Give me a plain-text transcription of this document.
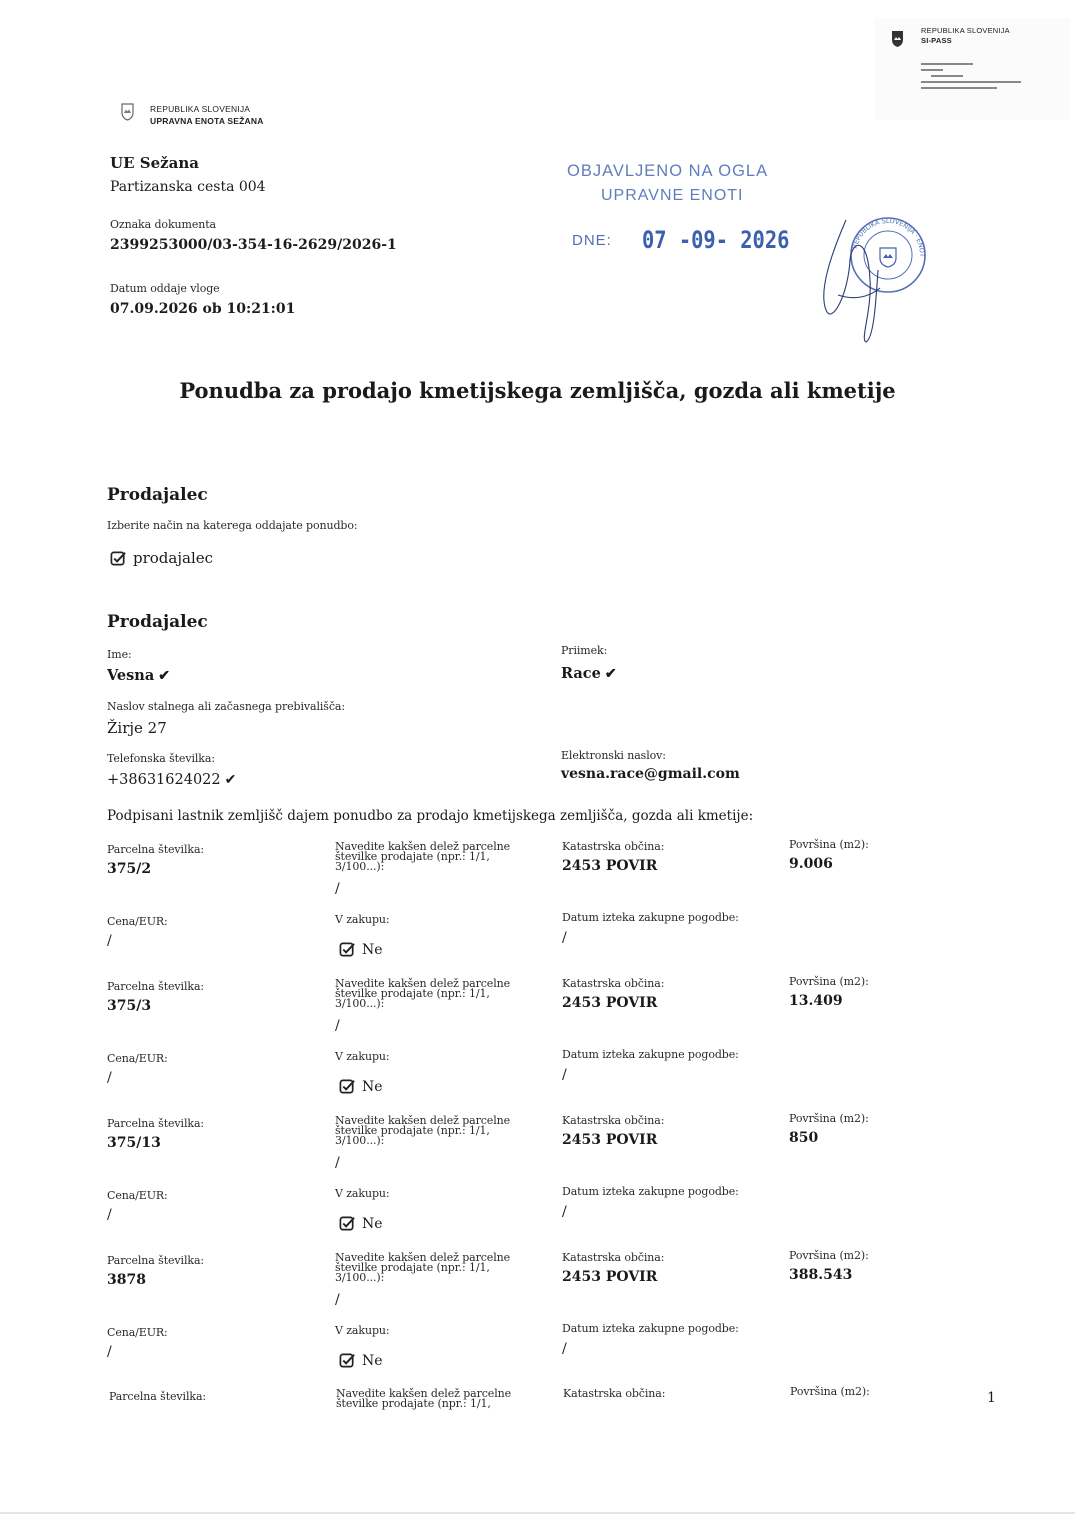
REPUBLIKA SLOVENIJA
SI-PASS
REPUBLIKA SLOVENIJA
UPRAVNA ENOTA SEŽANA
UE Sežana
Partizanska cesta 004
Oznaka dokumenta
2399253000/03-354-16-2629/2026-1
Datum oddaje vloge
07.09.2026 ob 10:21:01
OBJAVLJENO NA OGLA
UPRAVNE ENOTI
DNE: 07 -09- 2026	REPUBLIKA SLOVENIJA · ENOT
Ponudba za prodajo kmetijskega zemljišča, gozda ali kmetije
Prodajalec
Izberite način na katerega oddajate ponudbo:
prodajalec
Prodajalec
Ime:
Vesna ✔
Priimek:
Race ✔
Naslov stalnega ali začasnega prebivališča:
Žirje 27
Telefonska številka:
+38631624022 ✔
Elektronski naslov:
vesna.race@gmail.com
Podpisani lastnik zemljišč dajem ponudbo za prodajo kmetijskega zemljišča, gozda ali kmetije:
Parcelna številka:
375/2
Navedite kakšen delež parcelne številke prodajate (npr.: 1/1, 3/100...):
/
Katastrska občina:
2453 POVIR
Površina (m2):
9.006
Cena/EUR:
/
V zakupu:
Ne
Datum izteka zakupne pogodbe:
/
Parcelna številka:
375/3
Navedite kakšen delež parcelne številke prodajate (npr.: 1/1, 3/100...):
/
Katastrska občina:
2453 POVIR
Površina (m2):
13.409
Cena/EUR:
/
V zakupu:
Ne
Datum izteka zakupne pogodbe:
/
Parcelna številka:
375/13
Navedite kakšen delež parcelne številke prodajate (npr.: 1/1, 3/100...):
/
Katastrska občina:
2453 POVIR
Površina (m2):
850
Cena/EUR:
/
V zakupu:
Ne
Datum izteka zakupne pogodbe:
/
Parcelna številka:
3878
Navedite kakšen delež parcelne številke prodajate (npr.: 1/1, 3/100...):
/
Katastrska občina:
2453 POVIR
Površina (m2):
388.543
Cena/EUR:
/
V zakupu:
Ne
Datum izteka zakupne pogodbe:
/
Parcelna številka:	Navedite kakšen delež parcelne številke prodajate (npr.: 1/1,
Katastrska občina:	Površina (m2):	1
